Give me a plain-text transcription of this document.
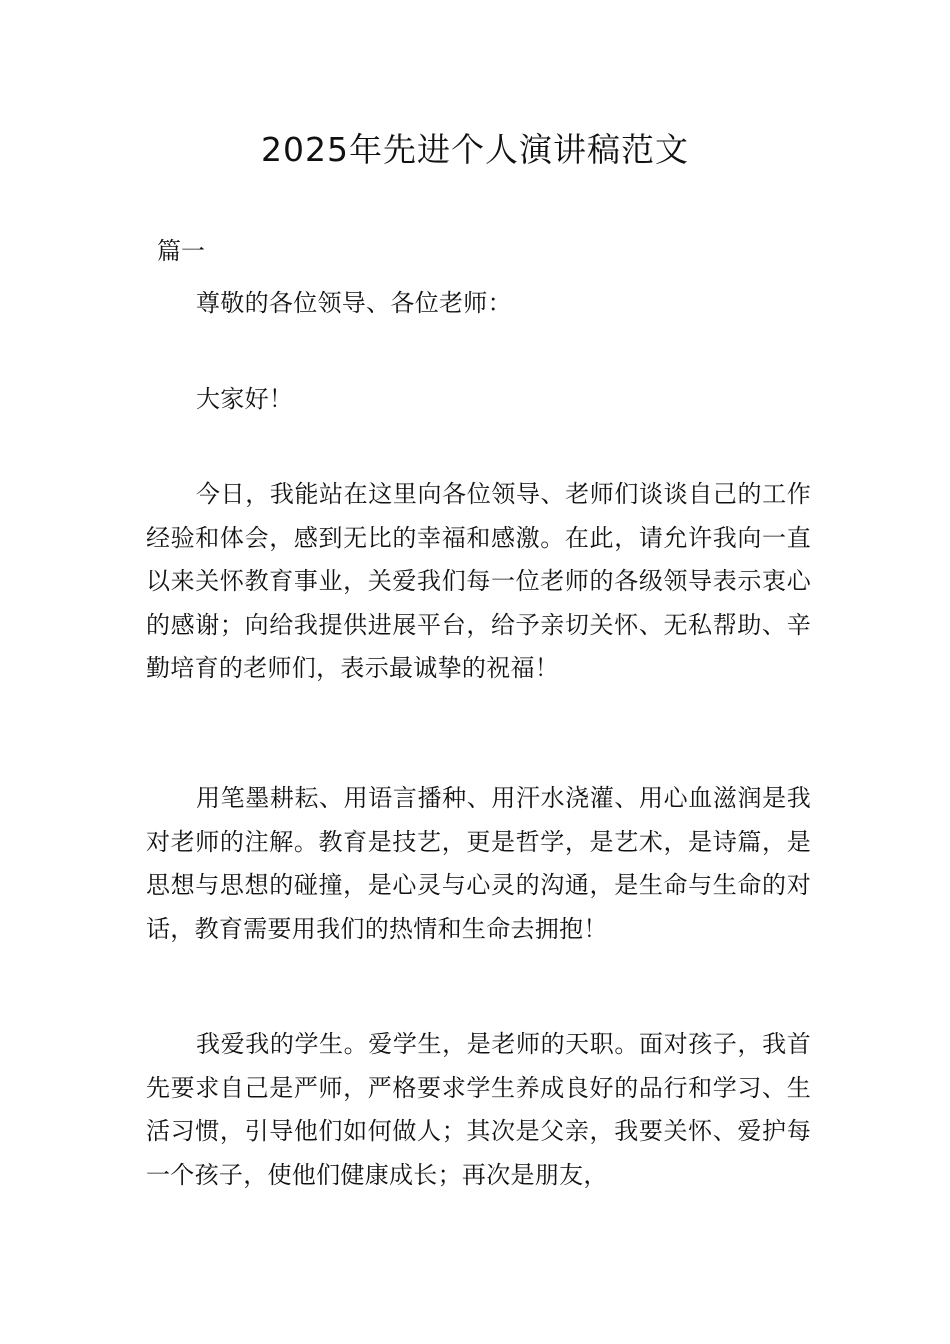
2025年先进个人演讲稿范文

篇一

尊敬的各位领导、各位老师：

大家好！

今日，我能站在这里向各位领导、老师们谈谈自己的工作经验和体会，感到无比的幸福和感激。在此，请允许我向一直以来关怀教育事业，关爱我们每一位老师的各级领导表示衷心的感谢；向给我提供进展平台，给予亲切关怀、无私帮助、辛勤培育的老师们，表示最诚挚的祝福！

用笔墨耕耘、用语言播种、用汗水浇灌、用心血滋润是我对老师的注解。教育是技艺，更是哲学，是艺术，是诗篇，是思想与思想的碰撞，是心灵与心灵的沟通，是生命与生命的对话，教育需要用我们的热情和生命去拥抱！

我爱我的学生。爱学生，是老师的天职。面对孩子，我首先要求自己是严师，严格要求学生养成良好的品行和学习、生活习惯，引导他们如何做人；其次是父亲，我要关怀、爱护每一个孩子，使他们健康成长；再次是朋友，
